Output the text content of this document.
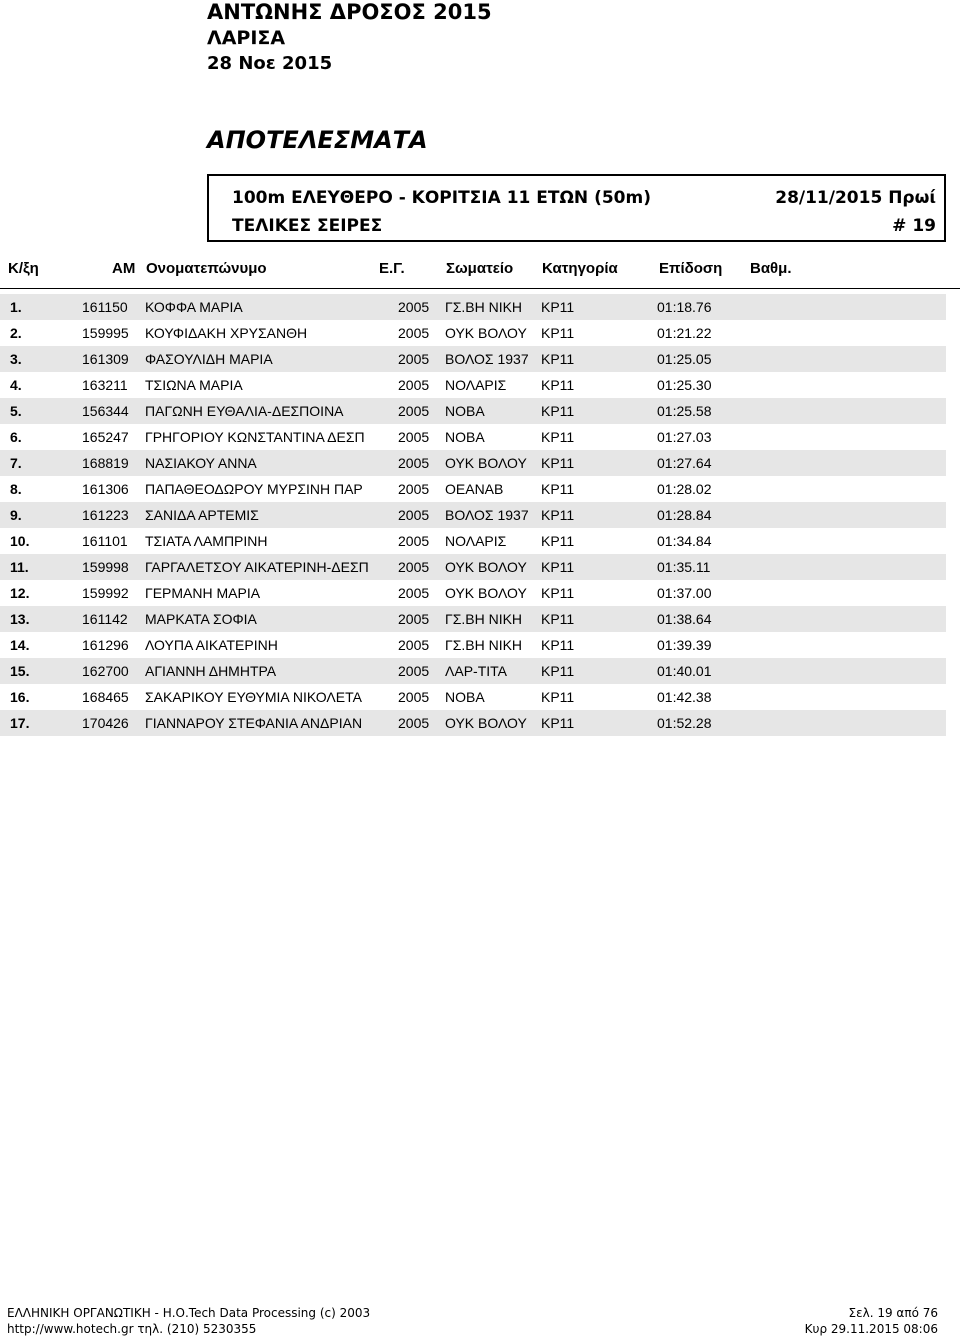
ΑΝΤΩΝΗΣ ΔΡΟΣΟΣ 2015
ΛΑΡΙΣΑ
28 Νοε 2015
ΑΠΟΤΕΛΕΣΜΑΤΑ
100m ΕΛΕΥΘΕΡΟ - ΚΟΡΙΤΣΙΑ 11 ΕΤΩΝ (50m)	28/11/2015 Πρωί
ΤΕΛΙΚΕΣ ΣΕΙΡΕΣ	# 19
Κ/ξη	ΑΜ Ονοματεπώνυμο	Ε.Γ.	Σωματείο Κατηγορία	Επίδοση Βαθμ.
1.	161150 ΚΟΦΦΑ ΜΑΡΙΑ	2005 ΓΣ.ΒΗ ΝΙΚΗ ΚΡ11	01:18.76
2.	159995 ΚΟΥΦΙΔΑΚΗ ΧΡΥΣΑΝΘΗ	2005 ΟΥΚ ΒΟΛΟΥ ΚΡ11	01:21.22
3.	161309 ΦΑΣΟΥΛΙΔΗ ΜΑΡΙΑ	2005 ΒΟΛΟΣ 1937 ΚΡ11	01:25.05
4.	163211 ΤΣΙΩΝΑ ΜΑΡΙΑ	2005 ΝΟΛΑΡΙΣ ΚΡ11	01:25.30
5.	156344 ΠΑΓΩΝΗ ΕΥΘΑΛΙΑ-ΔΕΣΠΟΙΝΑ	2005 ΝΟΒΑ	ΚΡ11	01:25.58
6.	165247 ΓΡΗΓΟΡΙΟΥ ΚΩΝΣΤΑΝΤΙΝΑ ΔΕΣΠ	2005 ΝΟΒΑ	ΚΡ11	01:27.03
7.	168819 ΝΑΣΙΑΚΟΥ ΑΝΝΑ	2005 ΟΥΚ ΒΟΛΟΥ ΚΡ11	01:27.64
8.	161306 ΠΑΠΑΘΕΟΔΩΡΟΥ ΜΥΡΣΙΝΗ ΠΑΡ	2005 ΟΕΑΝΑΒ	ΚΡ11	01:28.02
9.	161223 ΣΑΝΙΔΑ ΑΡΤΕΜΙΣ	2005 ΒΟΛΟΣ 1937 ΚΡ11	01:28.84
10.	161101 ΤΣΙΑΤΑ ΛΑΜΠΡΙΝΗ	2005 ΝΟΛΑΡΙΣ ΚΡ11	01:34.84
11.	159998 ΓΑΡΓΑΛΕΤΣΟΥ ΑΙΚΑΤΕΡΙΝΗ-ΔΕΣΠ	2005 ΟΥΚ ΒΟΛΟΥ ΚΡ11	01:35.11
12.	159992 ΓΕΡΜΑΝΗ ΜΑΡΙΑ	2005 ΟΥΚ ΒΟΛΟΥ ΚΡ11	01:37.00
13.	161142 ΜΑΡΚΑΤΑ ΣΟΦΙΑ	2005 ΓΣ.ΒΗ ΝΙΚΗ ΚΡ11	01:38.64
14.	161296 ΛΟΥΠΑ ΑΙΚΑΤΕΡΙΝΗ	2005 ΓΣ.ΒΗ ΝΙΚΗ ΚΡ11	01:39.39
15.	162700 ΑΓΙΑΝΝΗ ΔΗΜΗΤΡΑ	2005 ΛΑΡ-ΤΙΤΑ ΚΡ11	01:40.01
16.	168465 ΣΑΚΑΡΙΚΟΥ ΕΥΘΥΜΙΑ ΝΙΚΟΛΕΤΑ	2005 ΝΟΒΑ	ΚΡ11	01:42.38
17.	170426 ΓΙΑΝΝΑΡΟΥ ΣΤΕΦΑΝΙΑ ΑΝΔΡΙΑΝ	2005 ΟΥΚ ΒΟΛΟΥ ΚΡ11	01:52.28
ΕΛΛΗΝΙΚΗ ΟΡΓΑΝΩΤΙΚΗ - Η.Ο.Tech Data Processing (c) 2003
http://www.hotech.gr τηλ. (210) 5230355
Σελ. 19 από 76
Κυρ 29.11.2015 08:06
